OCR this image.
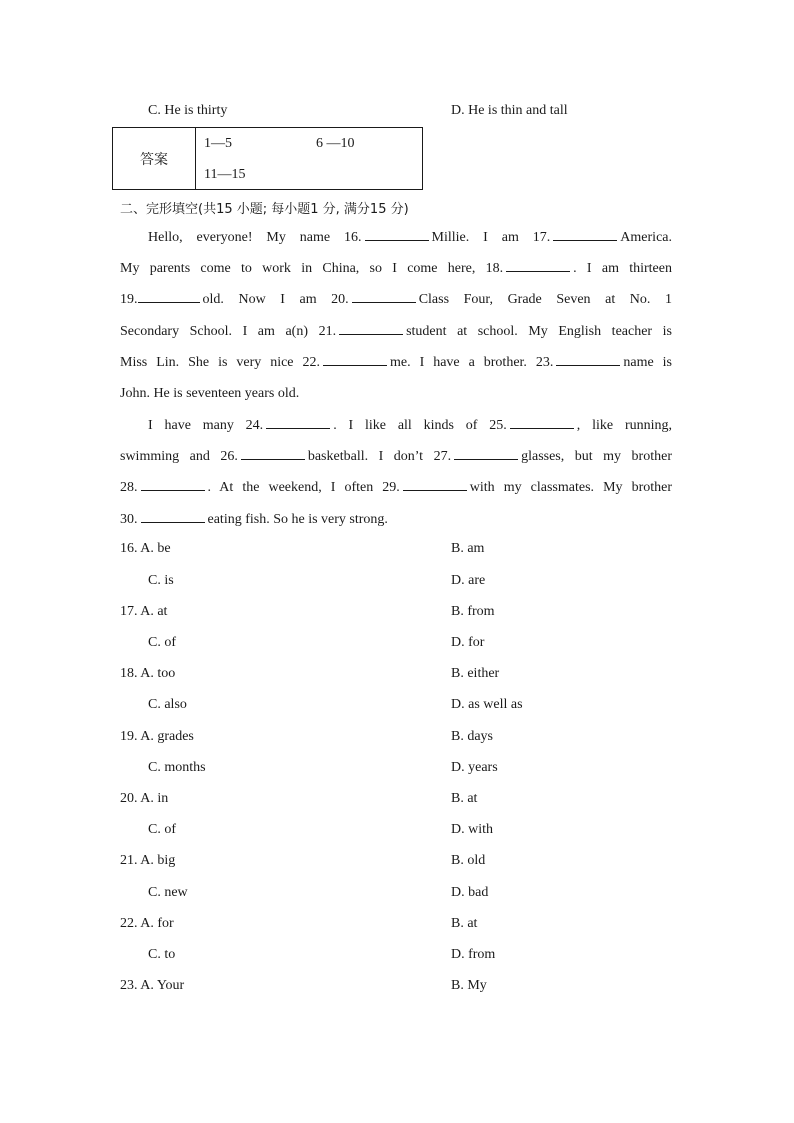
C. He is thirty	D. He is thin and tall
答案	
1—5	6 —10
11—15
二、完形填空(共15 小题; 每小题1 分, 满分15 分)

Hello, everyone! My name 16.	Millie. I am 17.	America.

My parents come to work in China, so I come here, 18.	. I am thirteen

19.	old. Now I am 20.	Class Four, Grade Seven at No. 1

Secondary School. I am a(n) 21.	student at school. My English teacher is

Miss Lin. She is very nice 22.	me. I have a brother. 23.	name is

John. He is seventeen years old.

I have many 24.	. I like all kinds of 25.	, like running,

swimming and 26.	basketball. I don’t 27.	glasses, but my brother

28.	. At the weekend, I often 29.	with my classmates. My brother

30.	eating fish. So he is very strong.

16. A. be	B. am
C. is	D. are
17. A. at	B. from
C. of	D. for
18. A. too	B. either
C. also	D. as well as
19. A. grades	B. days
C. months	D. years
20. A. in	B. at
C. of	D. with
21. A. big	B. old
C. new	D. bad
22. A. for	B. at
C. to	D. from
23. A. Your	B. My
